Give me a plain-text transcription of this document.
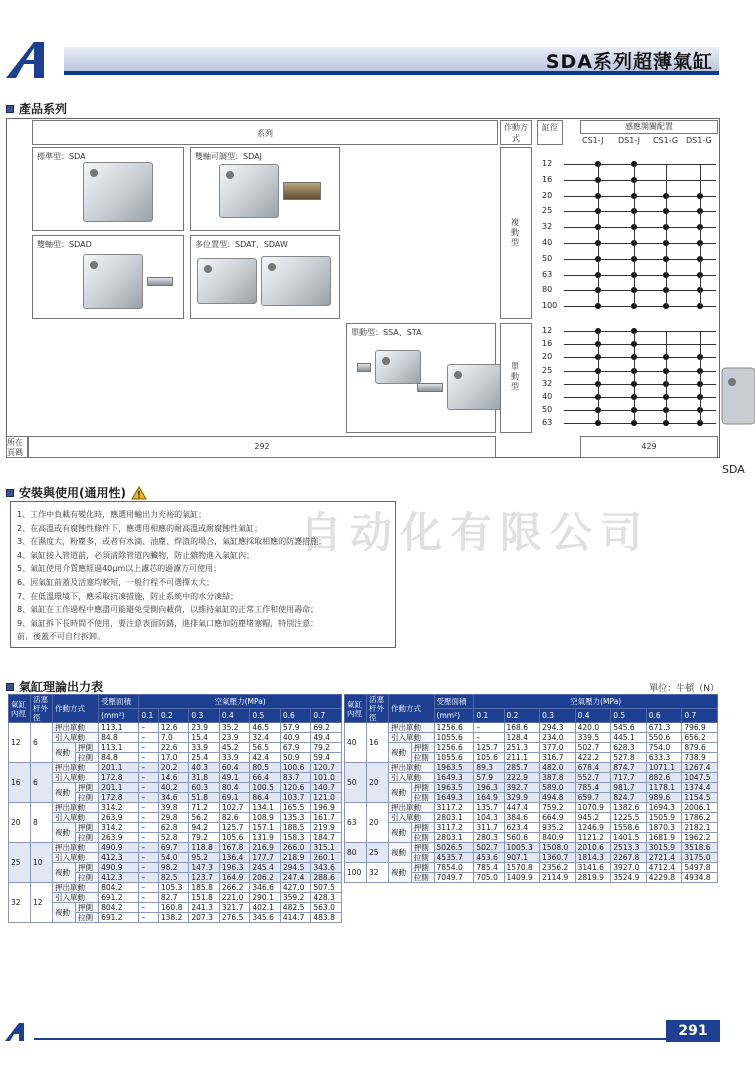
SDA系列超薄氣缸
自动化有限公司
產品系列
系列
作動方式
缸徑	感應開關配置
CS1-J DS1-J CS1-G DS1-G
標準型：SDA	雙軸可調型：SDAJ
雙軸型：SDAD	多位置型：SDAT、SDAW
單動型：SSA、STA
複動型
單動型
12
16
20
25
32
40
50
63
80
100
12
16
20
25
32
40
50
63
所在頁碼
292	429
SDA
安裝與使用(通用性)
1、工作中負載有變化時，應選用輸出力充裕的氣缸；
2、在高溫或有腐蝕性條件下，應選用相應的耐高溫或耐腐蝕性氣缸；
3、在濕度大，粉塵多，或者有水滴、油塵、焊渣的場合，氣缸應採取相應的防護措施；
4、氣缸接入管道前，必須清除管道內臟物，防止雜物進入氣缸內；
5、氣缸使用介質應經過40μm以上濾芯的過濾方可使用；
6、因氣缸前蓋及活塞均較短，一般行程不可選擇太大；
7、在低溫環境下，應采取抗凍措施，防止系統中的水分凍結；
8、氣缸在工作過程中應盡可能避免受側向載荷，以維持氣缸的正常工作和使用壽命；
9、氣缸拆下長時間不使用，要注意表面防銹，進排氣口應加防塵堵塞帽，特別注意：
前、後蓋不可自行拆卸。
氣缸理論出力表	單位：牛頓（N）
氣缸內徑	活塞杆外徑	作動方式		受壓面積	空氣壓力(MPa)						
				(mm²)	0.1	0.2	0.3	0.4	0.5	0.6	0.7
12	6	押出單動		113.1	–	12.6	23.9	35.2	46.5	57.9	69.2
		引入單動		84.8	–	7.0	15.4	23.9	32.4	40.9	49.4
		複動	押側	113.1	–	22.6	33.9	45.2	56.5	67.9	79.2
			拉側	84.8	–	17.0	25.4	33.9	42.4	50.9	59.4
16	6	押出單動		201.1	–	20.2	40.3	60.4	80.5	100.6	120.7
		引入單動		172.8	–	14.6	31.8	49.1	66.4	83.7	101.0
		複動	押側	201.1	–	40.2	60.3	80.4	100.5	120.6	140.7
			拉側	172.8	–	34.6	51.8	69.1	86.4	103.7	121.0
20	8	押出單動		314.2	–	39.8	71.2	102.7	134.1	165.5	196.9
		引入單動		263.9	–	29.8	56.2	82.6	108.9	135.3	161.7
		複動	押側	314.2	–	62.8	94.2	125.7	157.1	188.5	219.9
			拉側	263.9	–	52.8	79.2	105.6	131.9	158.3	184.7
25	10	押出單動		490.9	–	69.7	118.8	167.8	216.9	266.0	315.1
		引入單動		412.3	–	54.0	95.2	136.4	177.7	218.9	260.1
		複動	押側	490.9	–	98.2	147.3	196.3	245.4	294.5	343.6
			拉側	412.3	–	82.5	123.7	164.9	206.2	247.4	288.6
32	12	押出單動		804.2	–	105.3	185.8	266.2	346.6	427.0	507.5
		引入單動		691.2	–	82.7	151.8	221.0	290.1	359.2	428.3
		複動	押側	804.2	–	160.8	241.3	321.7	402.1	482.5	563.0
			拉側	691.2	–	138.2	207.3	276.5	345.6	414.7	483.8
氣缸內徑	活塞杆外徑	作動方式		受壓面積	空氣壓力(MPa)						
				(mm²)	0.1	0.2	0.3	0.4	0.5	0.6	0.7
40	16	押出單動		1256.6	–	168.6	294.3	420.0	545.6	671.3	796.9
		引入單動		1055.6	–	128.4	234.0	339.5	445.1	550.6	656.2
		複動	押側	1256.6	125.7	251.3	377.0	502.7	628.3	754.0	879.6
			拉側	1055.6	105.6	211.1	316.7	422.2	527.8	633.3	738.9
50	20	押出單動		1963.5	89.3	285.7	482.0	678.4	874.7	1071.1	1267.4
		引入單動		1649.3	57.9	222.9	387.8	552.7	717.7	882.6	1047.5
		複動	押側	1963.5	196.3	392.7	589.0	785.4	981.7	1178.1	1374.4
			拉側	1649.3	164.9	329.9	494.8	659.7	824.7	989.6	1154.5
63	20	押出單動		3117.2	135.7	447.4	759.2	1070.9	1382.6	1694.3	2006.1
		引入單動		2803.1	104.3	384.6	664.9	945.2	1225.5	1505.9	1786.2
		複動	押側	3117.2	311.7	623.4	935.2	1246.9	1558.6	1870.3	2182.1
			拉側	2803.1	280.3	560.6	840.9	1121.2	1401.5	1681.9	1962.2
80	25	複動	押側	5026.5	502.7	1005.3	1508.0	2010.6	2513.3	3015.9	3518.6
			拉側	4535.7	453.6	907.1	1360.7	1814.3	2267.8	2721.4	3175.0
100	32	複動	押側	7854.0	785.4	1570.8	2356.2	3141.6	3927.0	4712.4	5497.8
			拉側	7049.7	705.0	1409.9	2114.9	2819.9	3524.9	4229.8	4934.8
291
